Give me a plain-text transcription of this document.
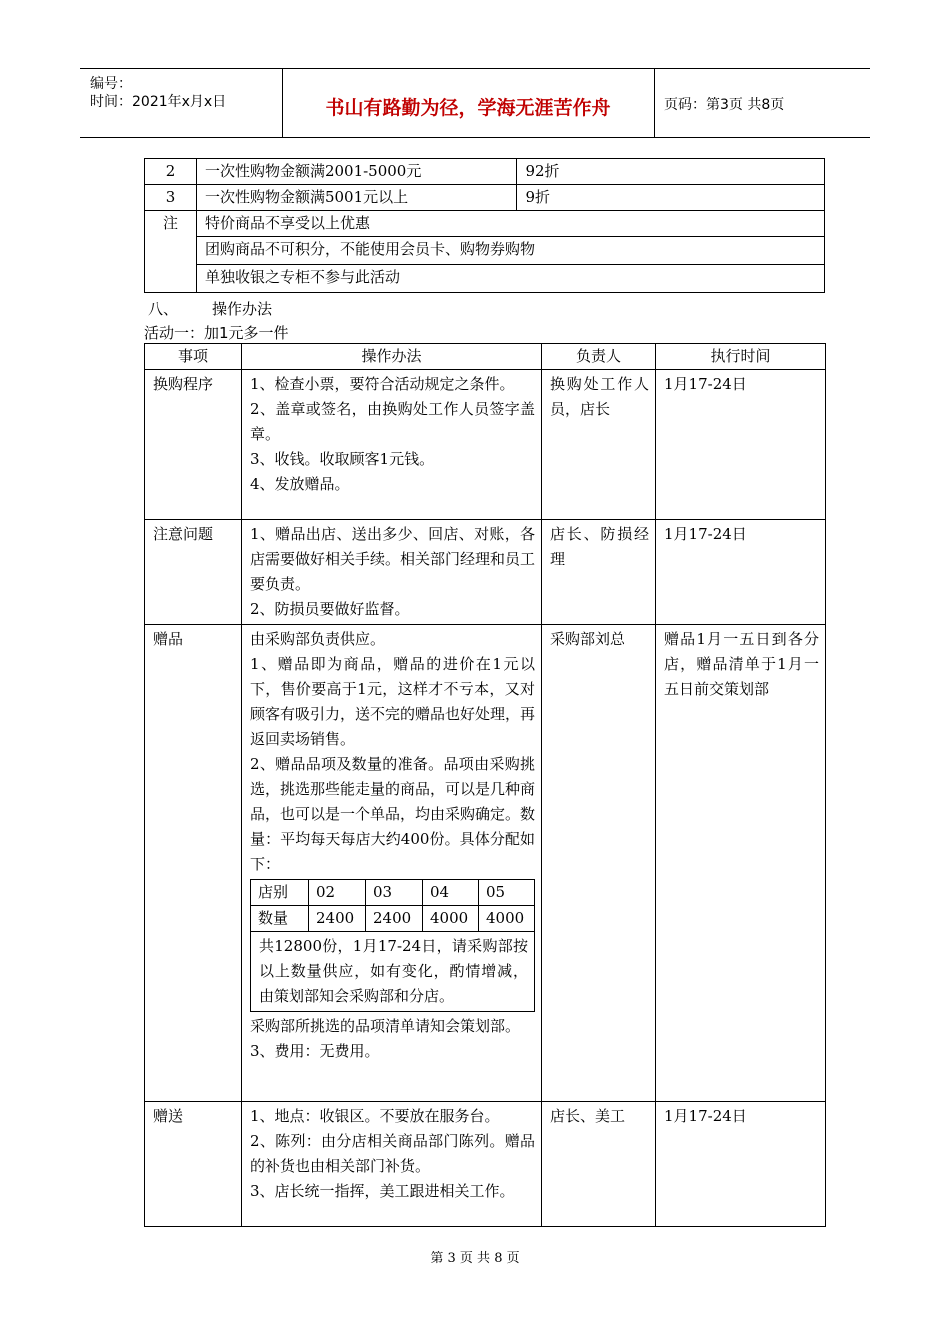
编号：
时间：2021年x月x日	书山有路勤为径，学海无涯苦作舟	页码：第3页 共8页
2	一次性购物金额满2001-5000元	92折
3	一次性购物金额满5001元以上	9折
注	特价商品不享受以上优惠	
	团购商品不可积分，不能使用会员卡、购物券购物	
	单独收银之专柜不参与此活动	
八、 操作办法
活动一：加1元多一件
事项	操作办法	负责人	执行时间
换购程序	1、检查小票，要符合活动规定之条件。
2、盖章或签名，由换购处工作人员签字盖章。
3、收钱。收取顾客1元钱。
4、发放赠品。
	换购处工作人员，店长	1月17-24日
注意问题	1、赠品出店、送出多少、回店、对账，各店需要做好相关手续。相关部门经理和员工要负责。
2、防损员要做好监督。
	店长、防损经理	1月17-24日
赠品	由采购部负责供应。
1、赠品即为商品，赠品的进价在1元以下，售价要高于1元，这样才不亏本，又对顾客有吸引力，送不完的赠品也好处理，再返回卖场销售。
2、赠品品项及数量的准备。品项由采购挑选，挑选那些能走量的商品，可以是几种商品，也可以是一个单品，均由采购确定。数量：平均每天每店大约400份。具体分配如下：
店别	02	03	04	05
数量	2400	2400	4000	4000
共12800份，1月17-24日，请采购部按以上数量供应，如有变化，酌情增减，由策划部知会采购部和分店。
采购部所挑选的品项清单请知会策划部。
3、费用：无费用。
	采购部刘总	赠品1月一五日到各分店，赠品清单于1月一五日前交策划部
赠送	1、地点：收银区。不要放在服务台。
2、陈列：由分店相关商品部门陈列。赠品的补货也由相关部门补货。
3、店长统一指挥，美工跟进相关工作。
	店长、美工	1月17-24日
第 3 页 共 8 页
